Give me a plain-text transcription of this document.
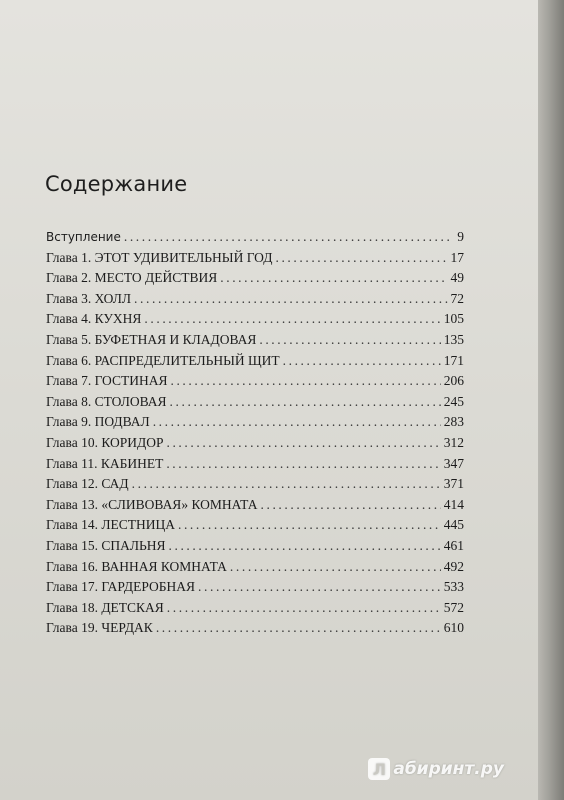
Содержание
Вступление .....	9
Глава 1. ЭТОТ УДИВИТЕЛЬНЫЙ ГОД .....	17
Глава 2. МЕСТО ДЕЙСТВИЯ .....	49
Глава 3. ХОЛЛ .....	72
Глава 4. КУХНЯ .....	105
Глава 5. БУФЕТНАЯ И КЛАДОВАЯ .....	135
Глава 6. РАСПРЕДЕЛИТЕЛЬНЫЙ ЩИТ .....	171
Глава 7. ГОСТИНАЯ .....	206
Глава 8. СТОЛОВАЯ .....	245
Глава 9. ПОДВАЛ .....	283
Глава 10. КОРИДОР .....	312
Глава 11. КАБИНЕТ .....	347
Глава 12. САД .....	371
Глава 13. «СЛИВОВАЯ» КОМНАТА .....	414
Глава 14. ЛЕСТНИЦА .....	445
Глава 15. СПАЛЬНЯ .....	461
Глава 16. ВАННАЯ КОМНАТА .....	492
Глава 17. ГАРДЕРОБНАЯ .....	533
Глава 18. ДЕТСКАЯ .....	572
Глава 19. ЧЕРДАК .....	610
Л абиринт.ру
